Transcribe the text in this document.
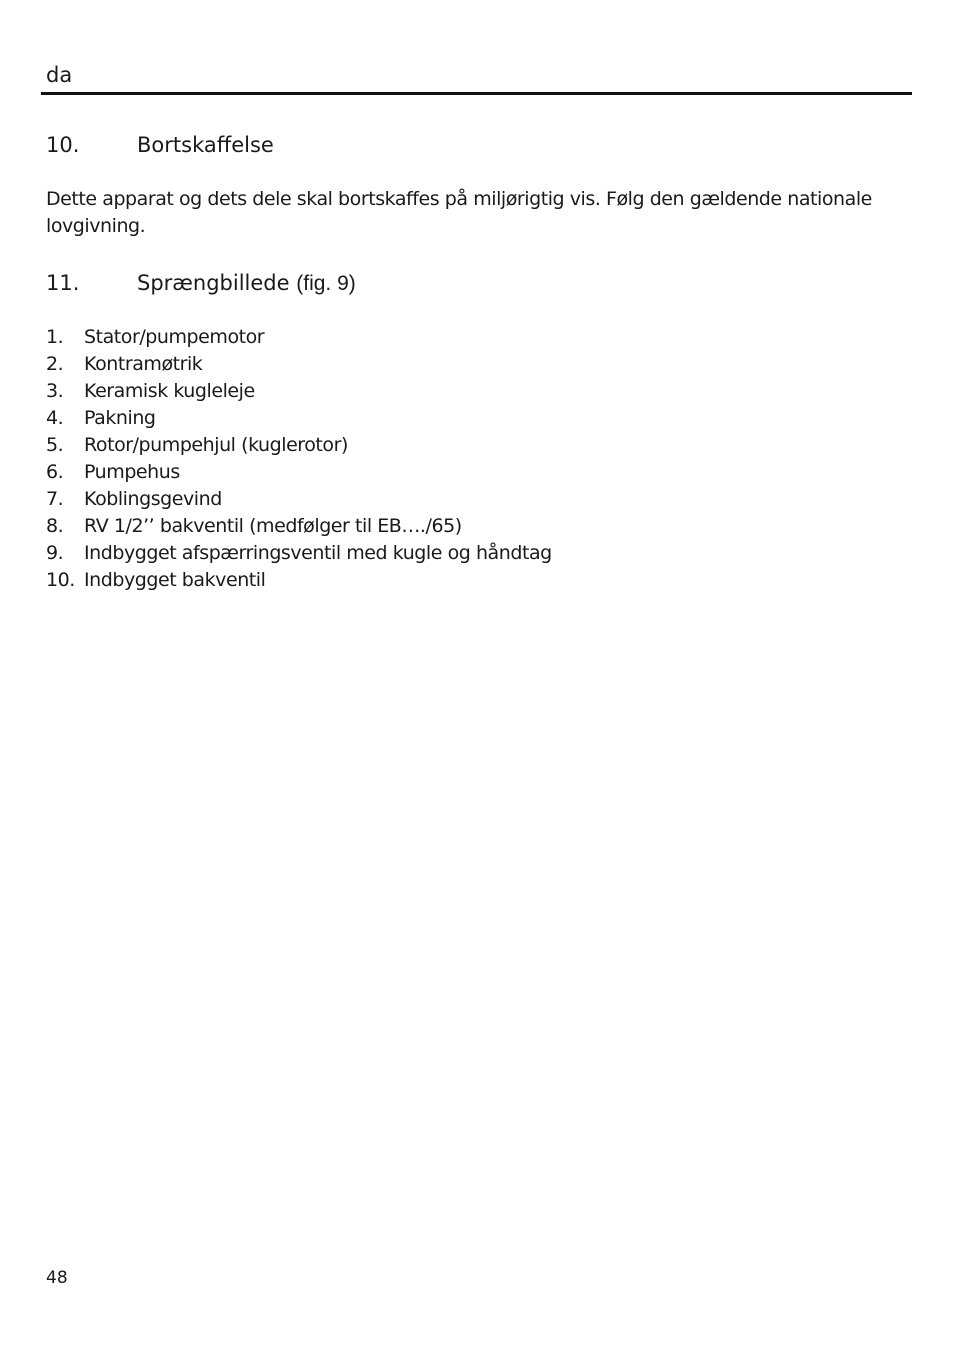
da
10.	Bortskaffelse
Dette apparat og dets dele skal bortskaffes på miljørigtig vis. Følg den gældende nationale lovgivning.
11.	Sprængbillede (fig. 9)
1.	Stator/pumpemotor
2.	Kontramøtrik
3.	Keramisk kugleleje
4.	Pakning
5.	Rotor/pumpehjul (kuglerotor)
6.	Pumpehus
7.	Koblingsgevind
8.	RV 1/2’’ bakventil (medfølger til EB…./65)
9.	Indbygget afspærringsventil med kugle og håndtag
10. Indbygget bakventil
48
